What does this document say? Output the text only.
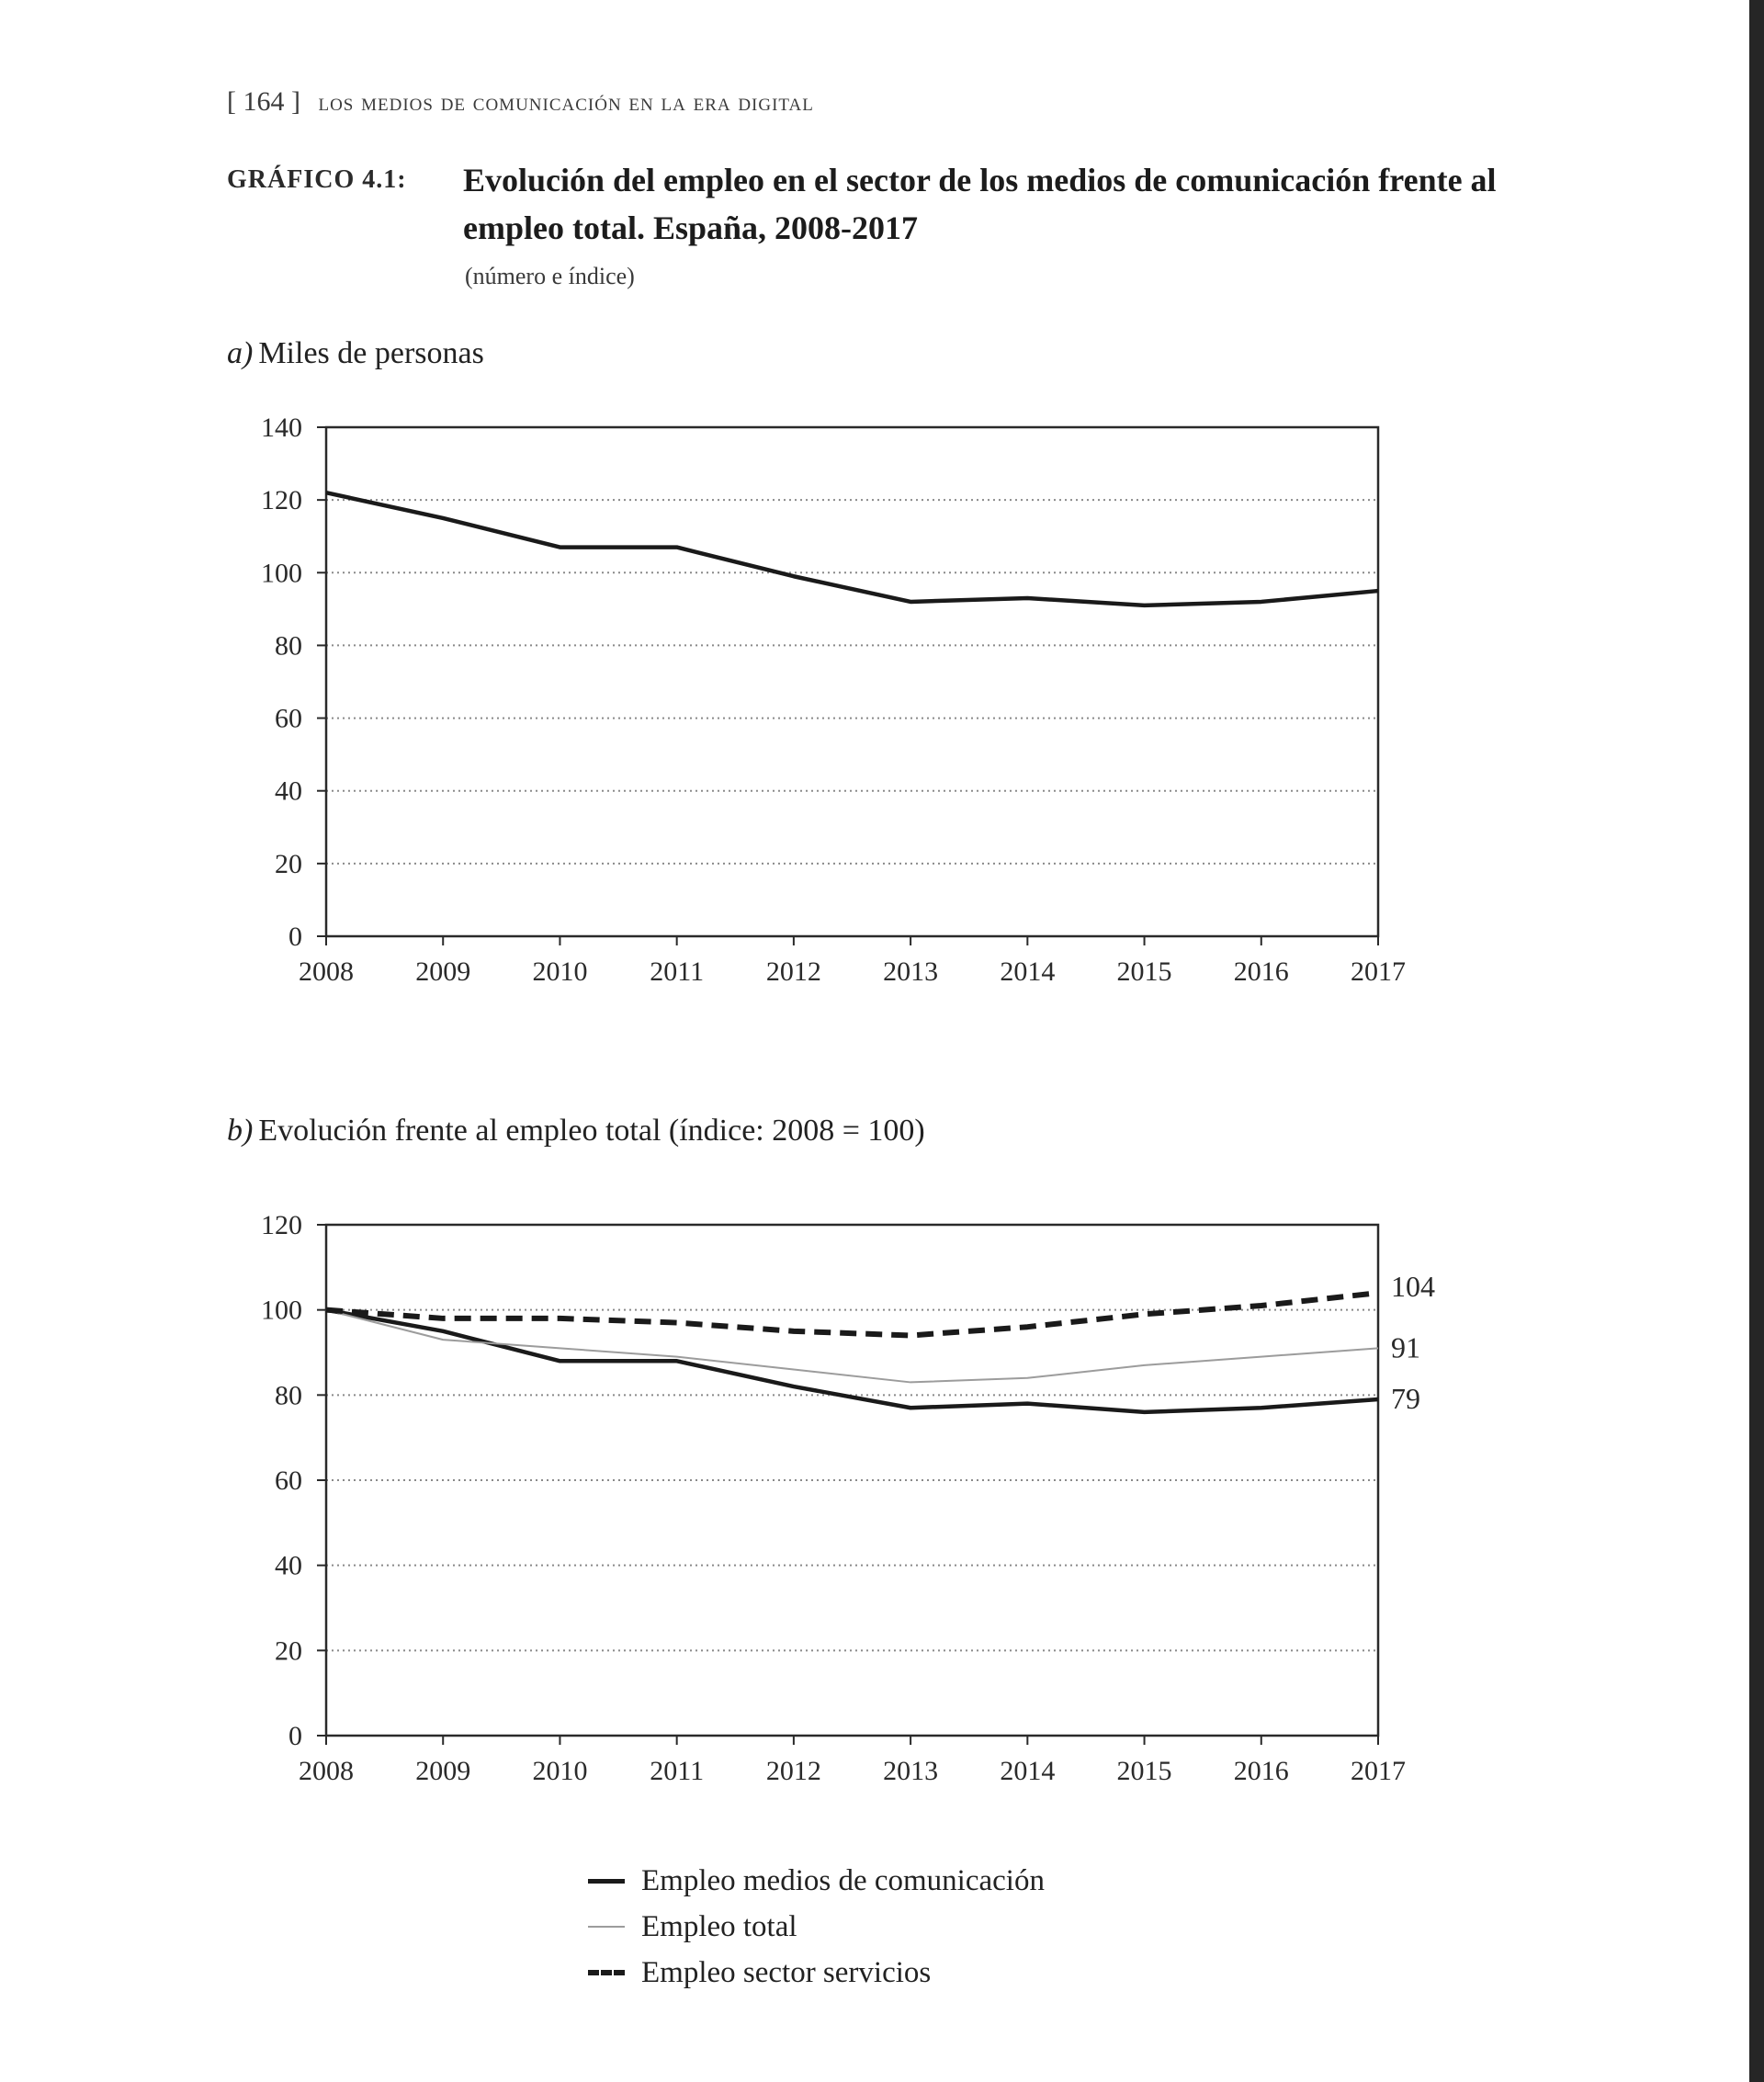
[ 164 ] los medios de comunicación en la era digital
GRÁFICO 4.1: Evolución del empleo en el sector de los medios de comunicación frente al empleo total. España, 2008-2017
(número e índice)
a) Miles de personas
b) Evolución frente al empleo total (índice: 2008 = 100)
0
20
40
60
80
100
120
140
2008 2009 2010 2011 2012 2013 2014 2015 2016 2017
0
20
40
60
80
100
120
2008 2009 2010 2011 2012 2013 2014 2015 2016 2017
79
91
104
Empleo medios de comunicación
Empleo total
Empleo sector servicios
